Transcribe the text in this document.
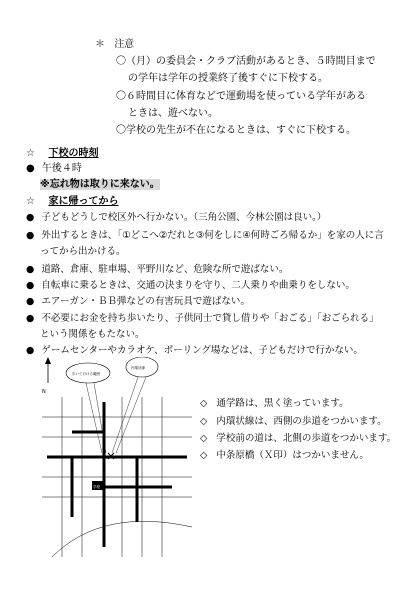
＊ 注意
〇（月）の委員会・クラブ活動があるとき、５時間目まで
の学年は学年の授業終了後すぐに下校する。
〇６時間目に体育などで運動場を使っている学年がある
ときは、遊べない。
〇学校の先生が不在になるときは、すぐに下校する。
☆ 下校の時刻
● 午後４時
※忘れ物は取りに来ない。
☆ 家に帰ってから
● 子どもどうしで校区外へ行かない。（三角公園、今林公園は良い。）
● 外出するときは、「①どこへ②だれと③何をしに④何時ごろ帰るか」を家の人に言
ってから出かける。
● 道路、倉庫、駐車場、平野川など、危険な所で遊ばない。
● 自転車に乗るときは、交通の決まりを守り、二人乗りや曲乗りをしない。
● エアーガン・ＢＢ弾などの有害玩具で遊ばない。
● 不必要にお金を持ち歩いたり、子供同士で貸し借りや「おごる」「おごられる」
という関係をもたない。
● ゲームセンターやカラオケ、ボーリング場などは、子どもだけで行かない。
N
歩いて行ける範囲
内環状線
学校
◇ 通学路は、黒く塗っています。
◇ 内環状線は、西側の歩道をつかいます。
◇ 学校前の道は、北側の歩道をつかいます。
◇ 中条原橋（Ｘ印）はつかいません。
